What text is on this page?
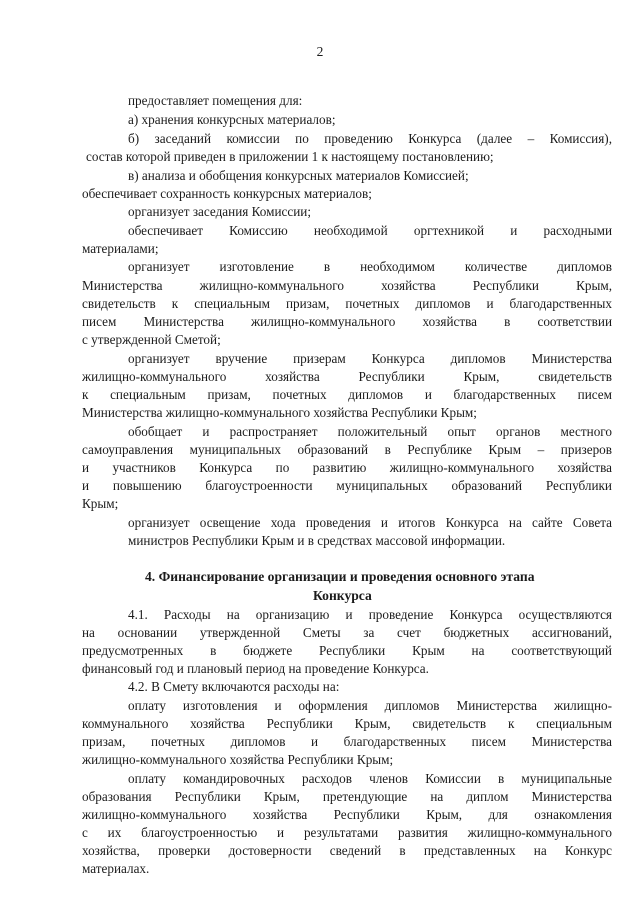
2
предоставляет помещения для:
а) хранения конкурсных материалов;
б) заседаний комиссии по проведению Конкурса (далее – Комиссия),
состав которой приведен в приложении 1 к настоящему постановлению;
в) анализа и обобщения конкурсных материалов Комиссией;
обеспечивает сохранность конкурсных материалов;
организует заседания Комиссии;
обеспечивает Комиссию необходимой оргтехникой и расходными
материалами;
организует изготовление в необходимом количестве дипломов
Министерства жилищно-коммунального хозяйства Республики Крым,
свидетельств к специальным призам, почетных дипломов и благодарственных
писем Министерства жилищно-коммунального хозяйства в соответствии
с утвержденной Сметой;
организует вручение призерам Конкурса дипломов Министерства
жилищно-коммунального хозяйства Республики Крым, свидетельств
к специальным призам, почетных дипломов и благодарственных писем
Министерства жилищно-коммунального хозяйства Республики Крым;
обобщает и распространяет положительный опыт органов местного
самоуправления муниципальных образований в Республике Крым – призеров
и участников Конкурса по развитию жилищно-коммунального хозяйства
и повышению благоустроенности муниципальных образований Республики
Крым;
организует освещение хода проведения и итогов Конкурса на сайте Совета
министров Республики Крым и в средствах массовой информации.
4. Финансирование организации и проведения основного этапа
Конкурса
4.1. Расходы на организацию и проведение Конкурса осуществляются
на основании утвержденной Сметы за счет бюджетных ассигнований,
предусмотренных в бюджете Республики Крым на соответствующий
финансовый год и плановый период на проведение Конкурса.
4.2. В Смету включаются расходы на:
оплату изготовления и оформления дипломов Министерства жилищно-
коммунального хозяйства Республики Крым, свидетельств к специальным
призам, почетных дипломов и благодарственных писем Министерства
жилищно-коммунального хозяйства Республики Крым;
оплату командировочных расходов членов Комиссии в муниципальные
образования Республики Крым, претендующие на диплом Министерства
жилищно-коммунального хозяйства Республики Крым, для ознакомления
с их благоустроенностью и результатами развития жилищно-коммунального
хозяйства, проверки достоверности сведений в представленных на Конкурс
материалах.
